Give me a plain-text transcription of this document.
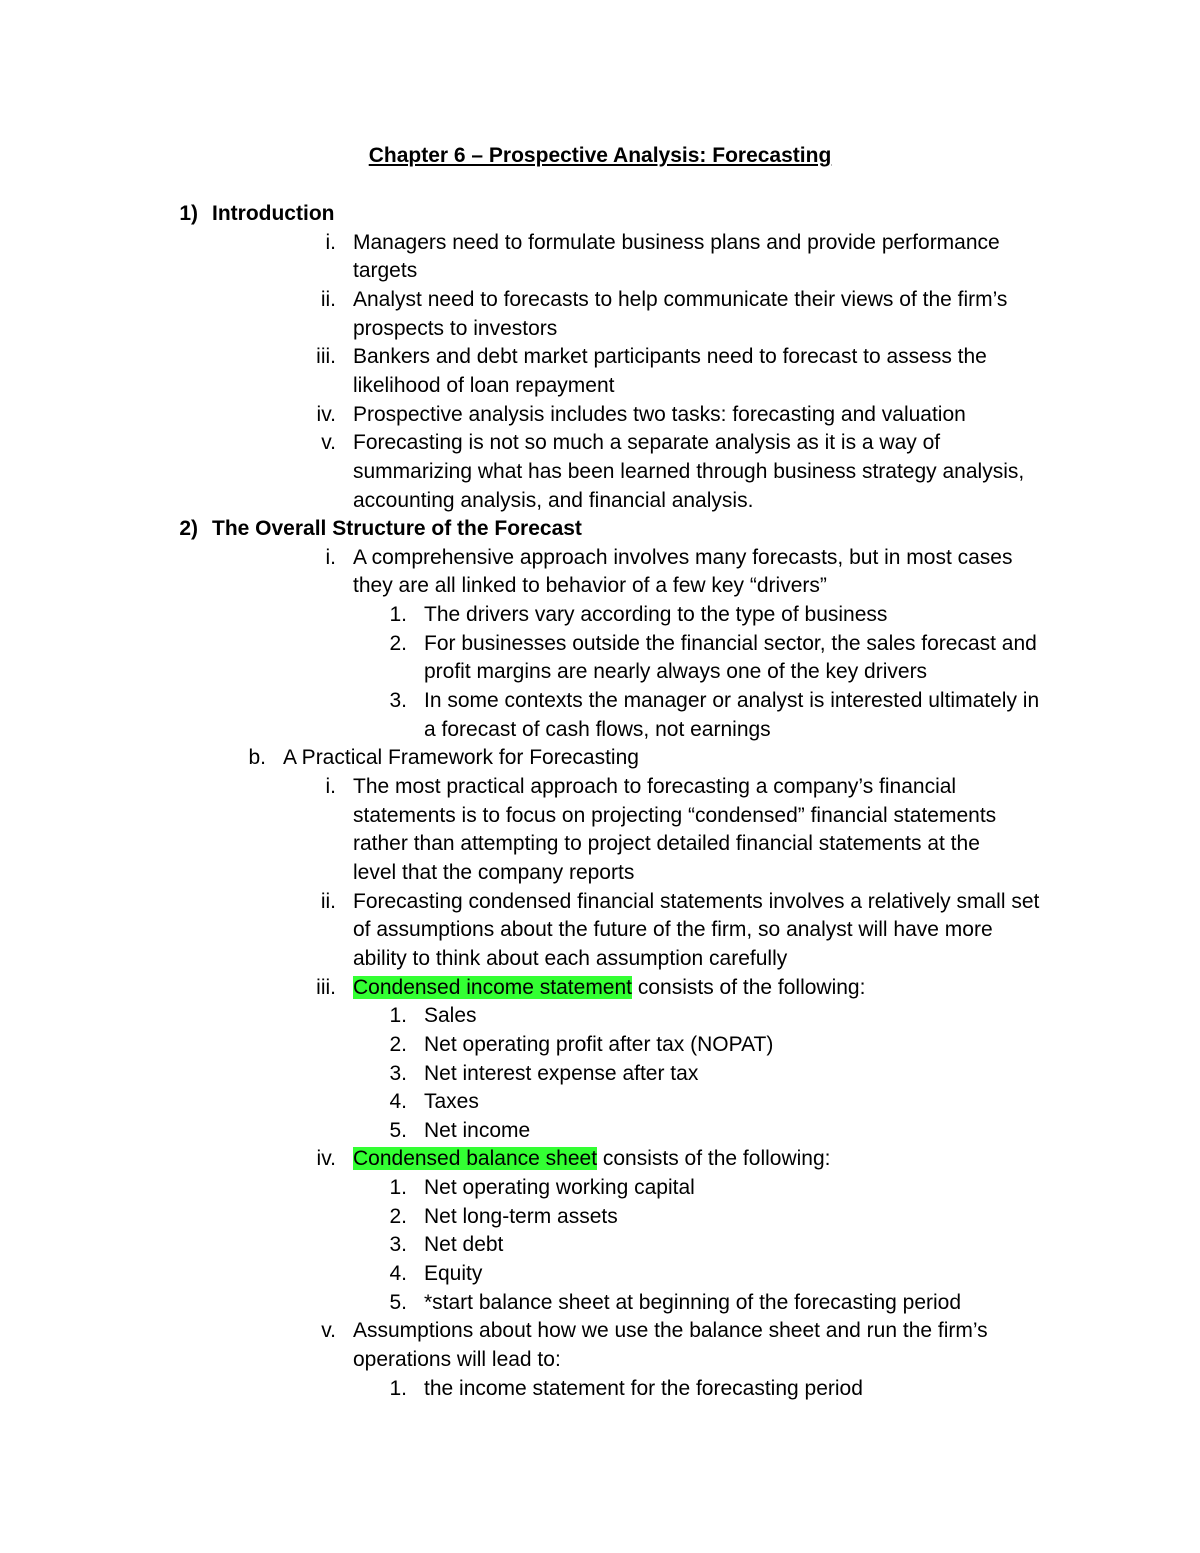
Chapter 6 – Prospective Analysis: Forecasting
1) Introduction
i. Managers need to formulate business plans and provide performance
targets
ii. Analyst need to forecasts to help communicate their views of the firm’s
prospects to investors
iii. Bankers and debt market participants need to forecast to assess the
likelihood of loan repayment
iv. Prospective analysis includes two tasks: forecasting and valuation
v. Forecasting is not so much a separate analysis as it is a way of
summarizing what has been learned through business strategy analysis,
accounting analysis, and financial analysis.
2) The Overall Structure of the Forecast
i. A comprehensive approach involves many forecasts, but in most cases
they are all linked to behavior of a few key “drivers”
1. The drivers vary according to the type of business
2. For businesses outside the financial sector, the sales forecast and
profit margins are nearly always one of the key drivers
3. In some contexts the manager or analyst is interested ultimately in
a forecast of cash flows, not earnings
b. A Practical Framework for Forecasting
i. The most practical approach to forecasting a company’s financial
statements is to focus on projecting “condensed” financial statements
rather than attempting to project detailed financial statements at the
level that the company reports
ii. Forecasting condensed financial statements involves a relatively small set
of assumptions about the future of the firm, so analyst will have more
ability to think about each assumption carefully
iii. Condensed income statement consists of the following:
1. Sales
2. Net operating profit after tax (NOPAT)
3. Net interest expense after tax
4. Taxes
5. Net income
iv. Condensed balance sheet consists of the following:
1. Net operating working capital
2. Net long-term assets
3. Net debt
4. Equity
5. *start balance sheet at beginning of the forecasting period
v. Assumptions about how we use the balance sheet and run the firm’s
operations will lead to:
1. the income statement for the forecasting period
